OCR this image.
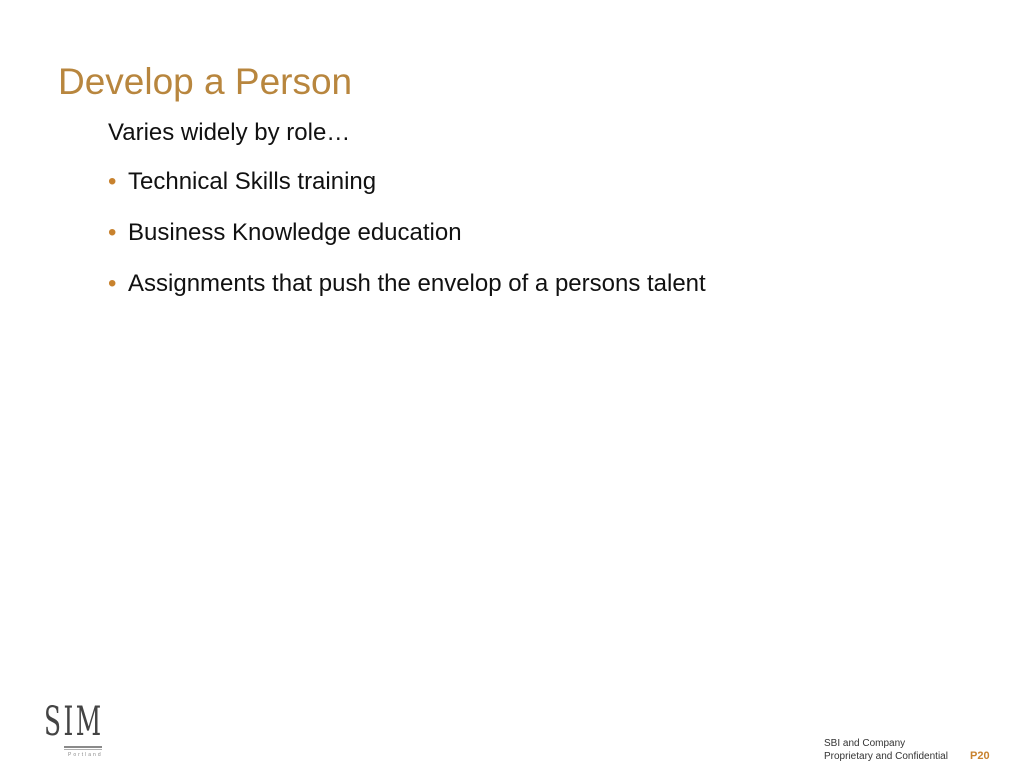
Develop a Person
Varies widely by role…
• Technical Skills training
• Business Knowledge education
• Assignments that push the envelop of a persons talent
SIM
Portland
SBI and Company
Proprietary and Confidential P20
